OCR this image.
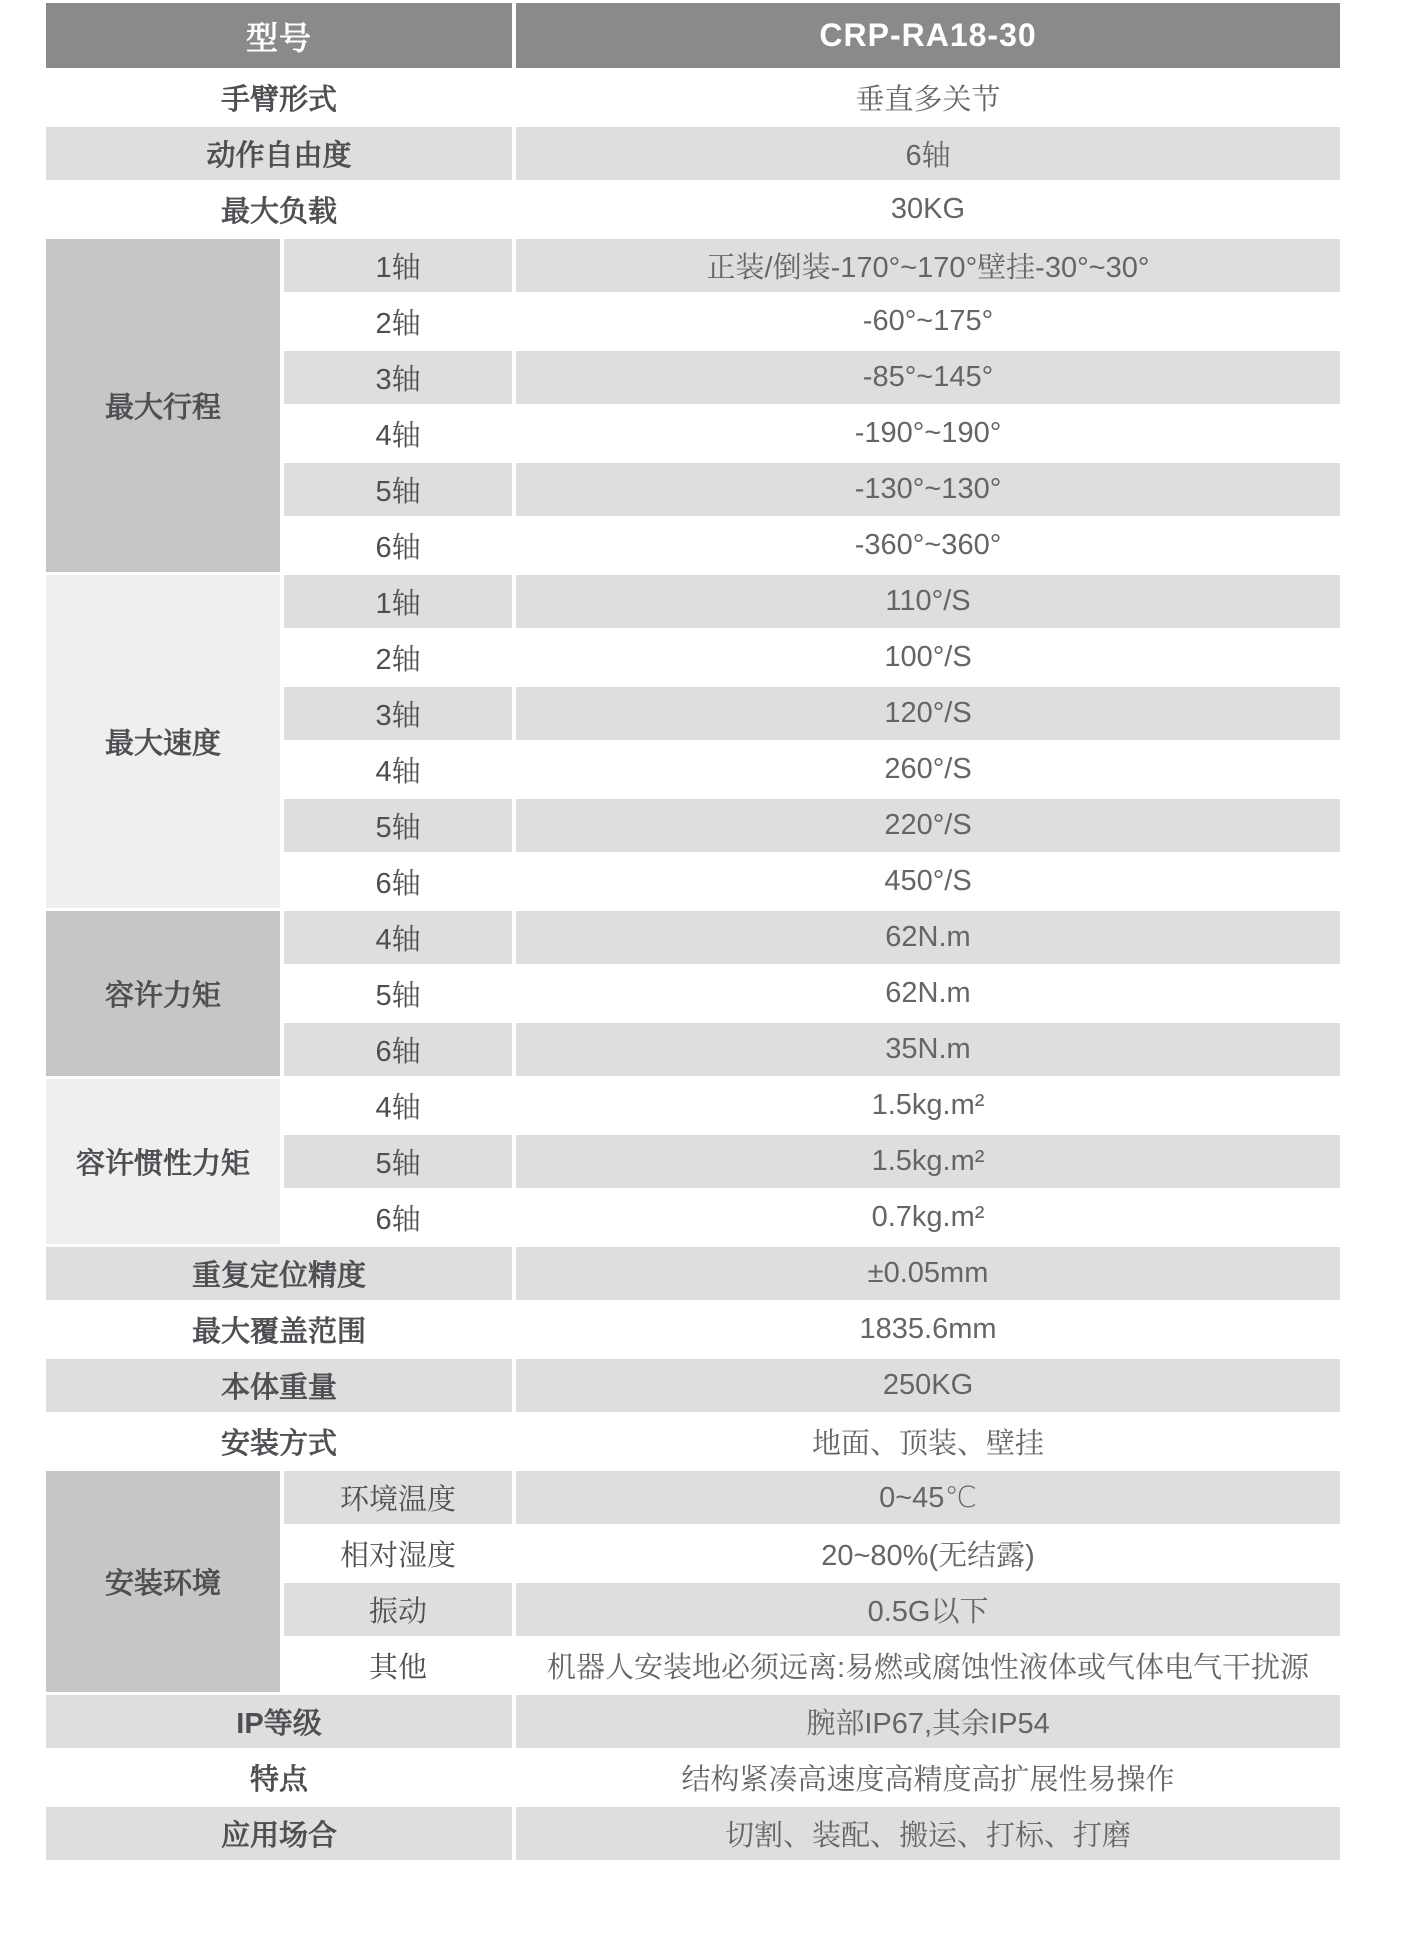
型号		CRP-RA18-30
手臂形式		垂直多关节
动作自由度		6轴
最大负载		30KG
最大行程	1轴	正装/倒装-170°~170°壁挂-30°~30°
	2轴	-60°~175°
	3轴	-85°~145°
	4轴	-190°~190°
	5轴	-130°~130°
	6轴	-360°~360°
最大速度	1轴	110°/S
	2轴	100°/S
	3轴	120°/S
	4轴	260°/S
	5轴	220°/S
	6轴	450°/S
容许力矩	4轴	62N.m
	5轴	62N.m
	6轴	35N.m
容许惯性力矩	4轴	1.5kg.m²
	5轴	1.5kg.m²
	6轴	0.7kg.m²
重复定位精度		±0.05mm
最大覆盖范围		1835.6mm
本体重量		250KG
安装方式		地面、顶装、壁挂
安装环境	环境温度	0~45℃
	相对湿度	20~80%(无结露)
	振动	0.5G以下
	其他	机器人安装地必须远离:易燃或腐蚀性液体或气体电气干扰源
IP等级		腕部IP67,其余IP54
特点		结构紧凑高速度高精度高扩展性易操作
应用场合		切割、装配、搬运、打标、打磨
